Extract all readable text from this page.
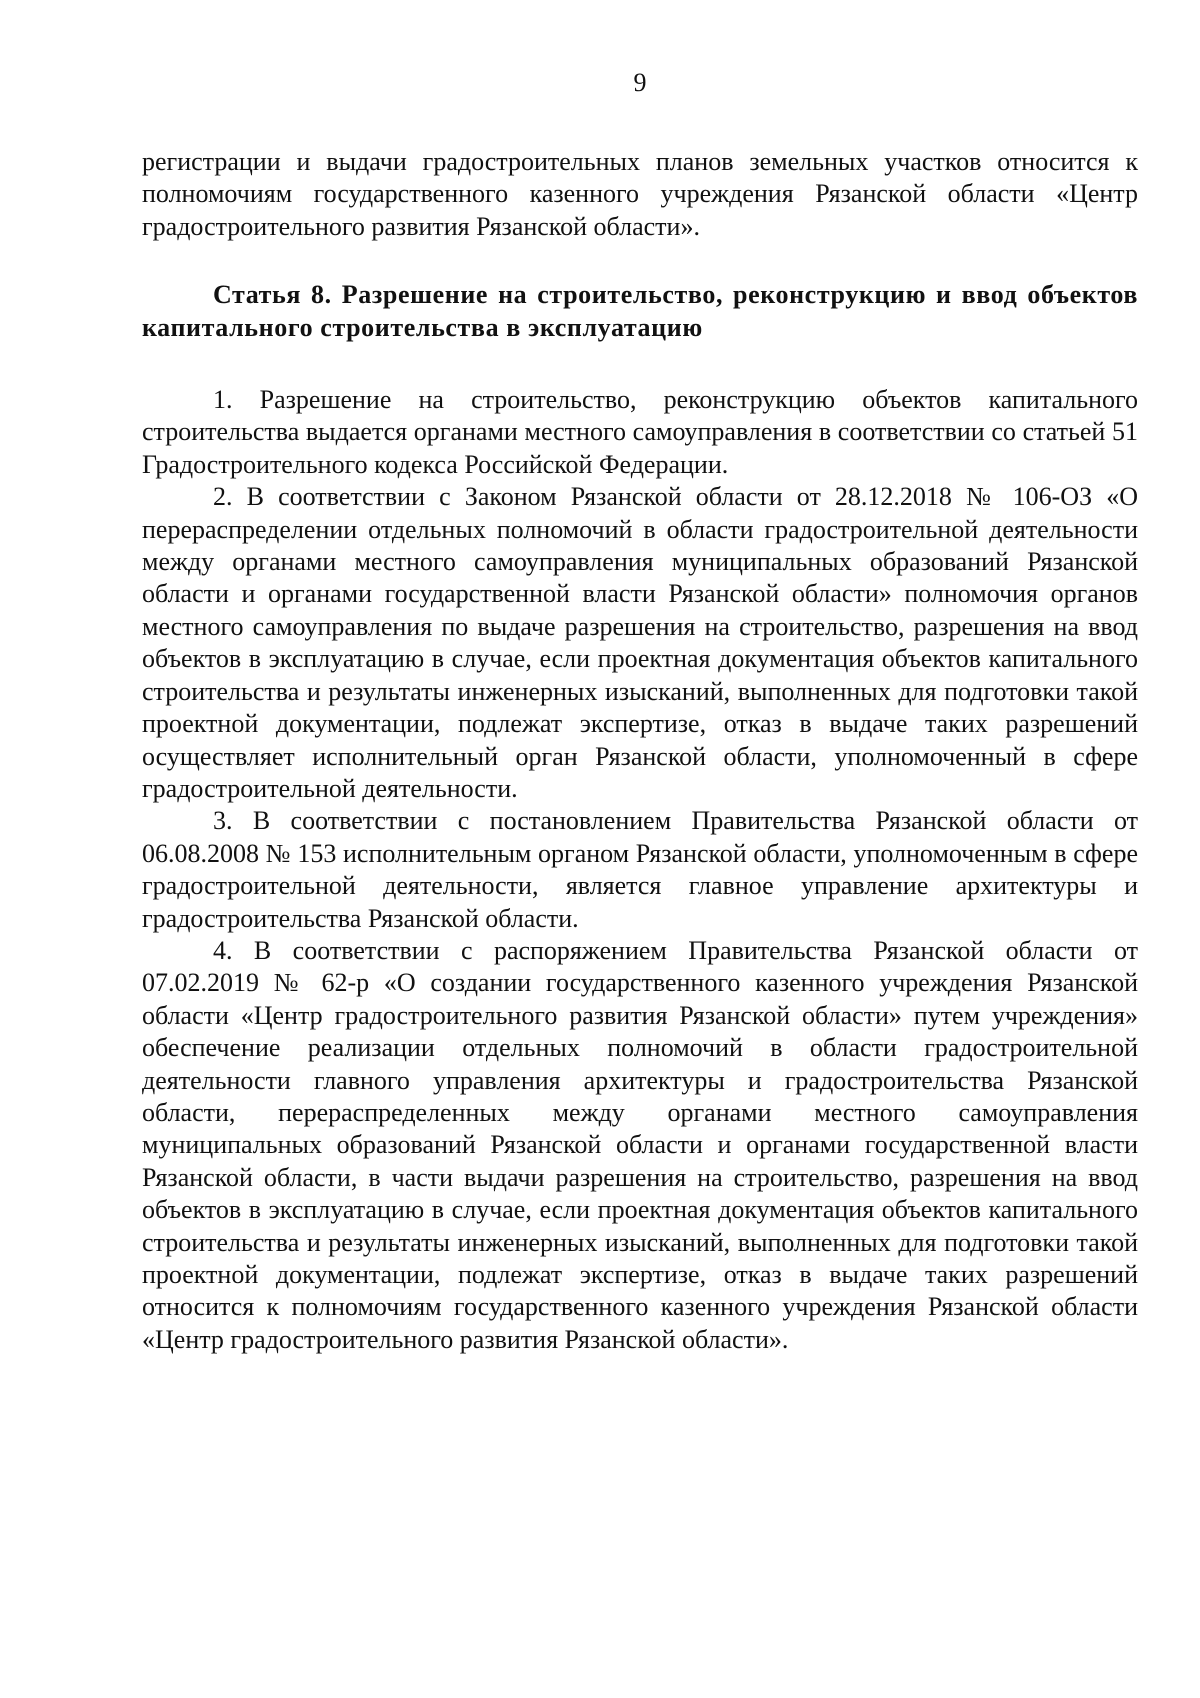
9

регистрации и выдачи градостроительных планов земельных участков относится к полномочиям государственного казенного учреждения Рязанской области «Центр градостроительного развития Рязанской области».

Статья 8. Разрешение на строительство, реконструкцию и ввод объектов капитального строительства в эксплуатацию

1. Разрешение на строительство, реконструкцию объектов капитального строительства выдается органами местного самоуправления в соответствии со статьей 51 Градостроительного кодекса Российской Федерации.

2. В соответствии с Законом Рязанской области от 28.12.2018 № 106-ОЗ «О перераспределении отдельных полномочий в области градостроительной деятельности между органами местного самоуправления муниципальных образований Рязанской области и органами государственной власти Рязанской области» полномочия органов местного самоуправления по выдаче разрешения на строительство, разрешения на ввод объектов в эксплуатацию в случае, если проектная документация объектов капитального строительства и результаты инженерных изысканий, выполненных для подготовки такой проектной документации, подлежат экспертизе, отказ в выдаче таких разрешений осуществляет исполнительный орган Рязанской области, уполномоченный в сфере градостроительной деятельности.

3. В соответствии с постановлением Правительства Рязанской области от 06.08.2008 № 153 исполнительным органом Рязанской области, уполномоченным в сфере градостроительной деятельности, является главное управление архитектуры и градостроительства Рязанской области.

4. В соответствии с распоряжением Правительства Рязанской области от 07.02.2019 № 62-р «О создании государственного казенного учреждения Рязанской области «Центр градостроительного развития Рязанской области» путем учреждения» обеспечение реализации отдельных полномочий в области градостроительной деятельности главного управления архитектуры и градостроительства Рязанской области, перераспределенных между органами местного самоуправления муниципальных образований Рязанской области и органами государственной власти Рязанской области, в части выдачи разрешения на строительство, разрешения на ввод объектов в эксплуатацию в случае, если проектная документация объектов капитального строительства и результаты инженерных изысканий, выполненных для подготовки такой проектной документации, подлежат экспертизе, отказ в выдаче таких разрешений относится к полномочиям государственного казенного учреждения Рязанской области «Центр градостроительного развития Рязанской области».
